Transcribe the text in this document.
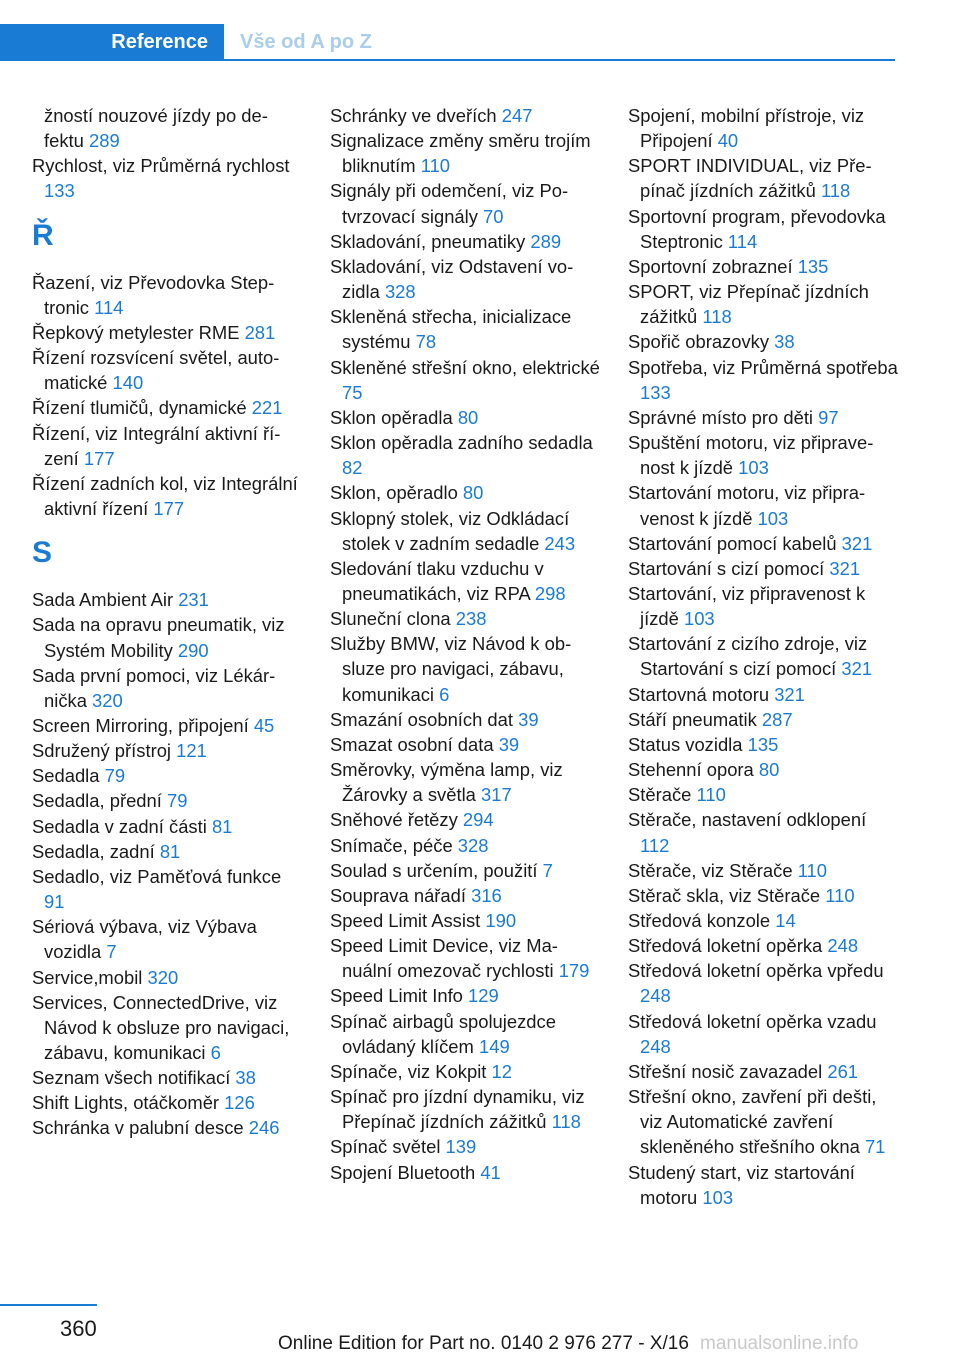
Reference	Vše od A po Z

žností nouzové jízdy po defektu 289

Rychlost, viz Průměrná rychlost 133

Ř

Řazení, viz Převodovka Steptronic 114

Řepkový metylester RME 281

Řízení rozsvícení světel, automatické 140

Řízení tlumičů, dynamické 221

Řízení, viz Integrální aktivní řízení 177

Řízení zadních kol, viz Integrální aktivní řízení 177

S

Sada Ambient Air 231

Sada na opravu pneumatik, viz Systém Mobility 290

Sada první pomoci, viz Lékárnička 320

Screen Mirroring, připojení 45

Sdružený přístroj 121

Sedadla 79

Sedadla, přední 79

Sedadla v zadní části 81

Sedadla, zadní 81

Sedadlo, viz Paměťová funkce 91

Sériová výbava, viz Výbava vozidla 7

Service,mobil 320

Services, ConnectedDrive, viz Návod k obsluze pro navigaci, zábavu, komunikaci 6

Seznam všech notifikací 38

Shift Lights, otáčkoměr 126

Schránka v palubní desce 246

Schránky ve dveřích 247

Signalizace změny směru trojím bliknutím 110

Signály při odemčení, viz Potvrzovací signály 70

Skladování, pneumatiky 289

Skladování, viz Odstavení vozidla 328

Skleněná střecha, inicializace systému 78

Skleněné střešní okno, elektrické 75

Sklon opěradla 80

Sklon opěradla zadního sedadla 82

Sklon, opěradlo 80

Sklopný stolek, viz Odkládací stolek v zadním sedadle 243

Sledování tlaku vzduchu v pneumatikách, viz RPA 298

Sluneční clona 238

Služby BMW, viz Návod k obsluze pro navigaci, zábavu, komunikaci 6

Smazání osobních dat 39

Smazat osobní data 39

Směrovky, výměna lamp, viz Žárovky a světla 317

Sněhové řetězy 294

Snímače, péče 328

Soulad s určením, použití 7

Souprava nářadí 316

Speed Limit Assist 190

Speed Limit Device, viz Manuální omezovač rychlosti 179

Speed Limit Info 129

Spínač airbagů spolujezdce ovládaný klíčem 149

Spínače, viz Kokpit 12

Spínač pro jízdní dynamiku, viz Přepínač jízdních zážitků 118

Spínač světel 139

Spojení Bluetooth 41

Spojení, mobilní přístroje, viz Připojení 40

SPORT INDIVIDUAL, viz Přepínač jízdních zážitků 118

Sportovní program, převodovka Steptronic 114

Sportovní zobrazneí 135

SPORT, viz Přepínač jízdních zážitků 118

Spořič obrazovky 38

Spotřeba, viz Průměrná spotřeba 133

Správné místo pro děti 97

Spuštění motoru, viz připravenost k jízdě 103

Startování motoru, viz připravenost k jízdě 103

Startování pomocí kabelů 321

Startování s cizí pomocí 321

Startování, viz připravenost k jízdě 103

Startování z cizího zdroje, viz Startování s cizí pomocí 321

Startovná motoru 321

Stáří pneumatik 287

Status vozidla 135

Stehenní opora 80

Stěrače 110

Stěrače, nastavení odklopení 112

Stěrače, viz Stěrače 110

Stěrač skla, viz Stěrače 110

Středová konzole 14

Středová loketní opěrka 248

Středová loketní opěrka vpředu 248

Středová loketní opěrka vzadu 248

Střešní nosič zavazadel 261

Střešní okno, zavření při dešti, viz Automatické zavření skleněného střešního okna 71

Studený start, viz startování motoru 103

360
Online Edition for Part no. 0140 2 976 277 - X/16 manualsonline.info
